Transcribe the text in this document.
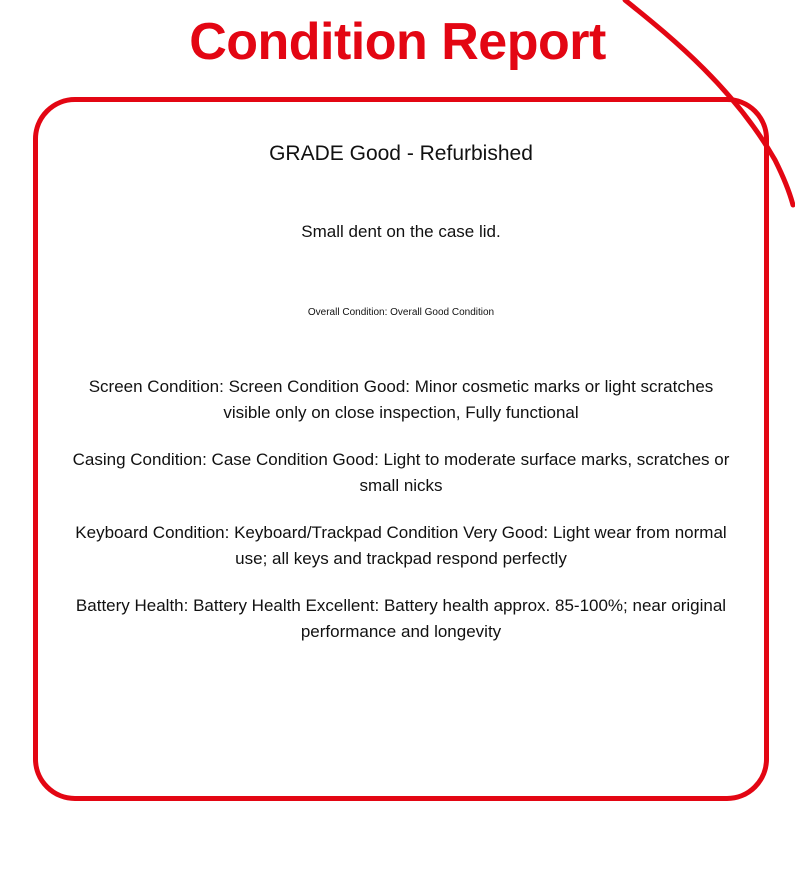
Condition Report
GRADE Good - Refurbished
Small dent on the case lid.
Overall Condition: Overall Good Condition
Screen Condition: Screen Condition Good: Minor cosmetic marks or light scratches visible only on close inspection, Fully functional
Casing Condition: Case Condition Good: Light to moderate surface marks, scratches or small nicks
Keyboard Condition: Keyboard/Trackpad Condition Very Good: Light wear from normal use; all keys and trackpad respond perfectly
Battery Health: Battery Health Excellent: Battery health approx. 85-100%; near original performance and longevity
